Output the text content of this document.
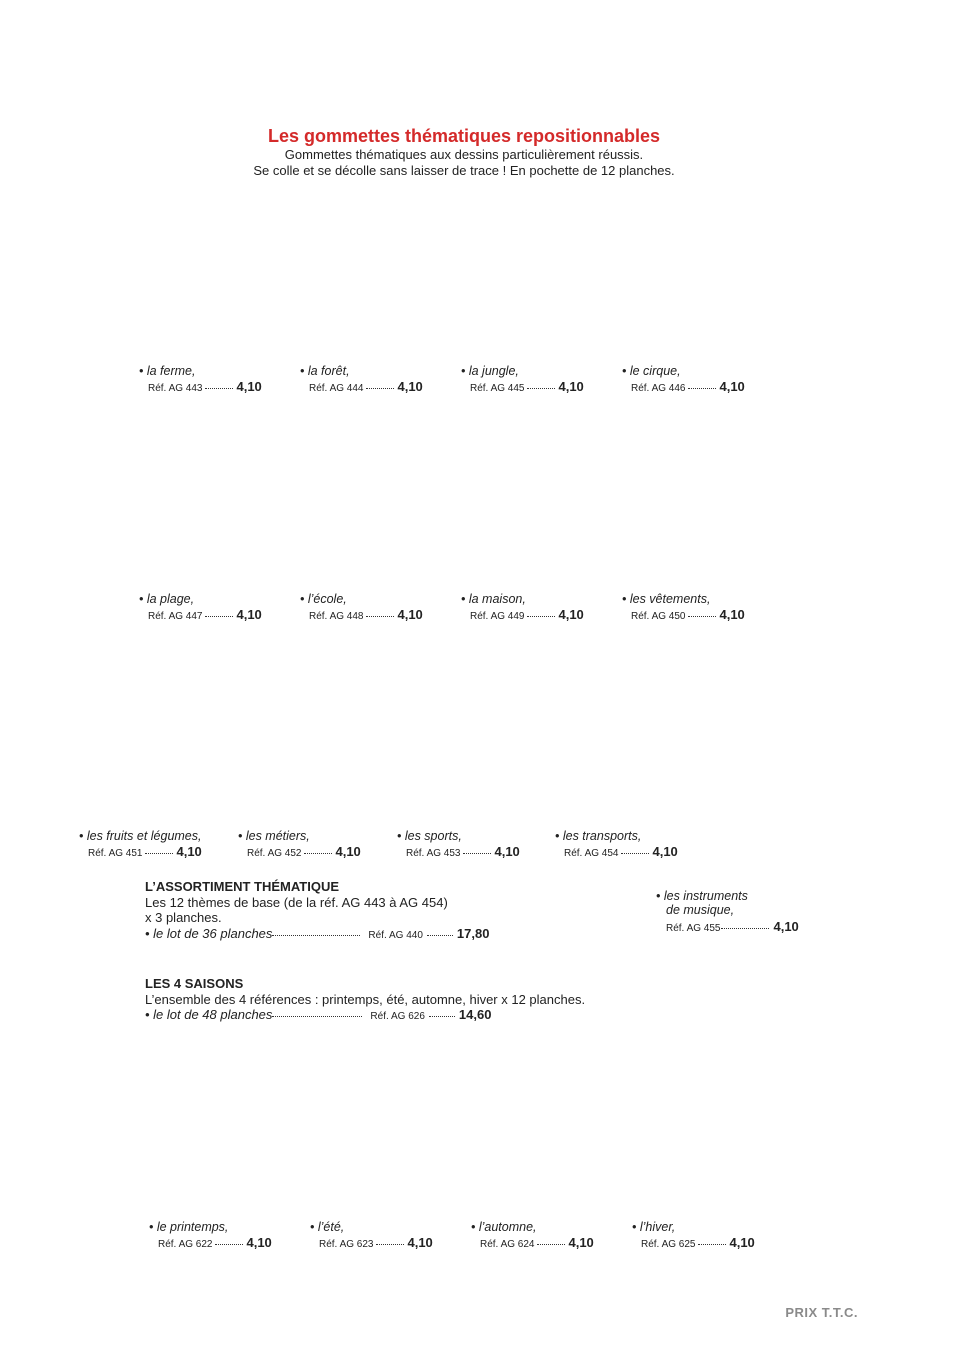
Les gommettes thématiques repositionnables
Gommettes thématiques aux dessins particulièrement réussis.
Se colle et se décolle sans laisser de trace ! En pochette de 12 planches.
• la ferme,
Réf. AG 443	4,10
• la forêt,
Réf. AG 444	4,10
• la jungle,
Réf. AG 445	4,10
• le cirque,
Réf. AG 446	4,10
• la plage,
Réf. AG 447	4,10
• l’école,
Réf. AG 448	4,10
• la maison,
Réf. AG 449	4,10
• les vêtements,
Réf. AG 450	4,10
• les fruits et légumes,
Réf. AG 451	4,10
• les métiers,
Réf. AG 452	4,10
• les sports,
Réf. AG 453	4,10
• les transports,
Réf. AG 454	4,10
L’ASSORTIMENT THÉMATIQUE
Les 12 thèmes de base (de la réf. AG 443 à AG 454)
x 3 planches.
• le lot de 36 planches	Réf. AG 440	17,80
• les instruments
de musique,
Réf. AG 455	4,10
LES 4 SAISONS
L’ensemble des 4 références : printemps, été, automne, hiver x 12 planches.
• le lot de 48 planches	Réf. AG 626	14,60
• le printemps,
Réf. AG 622	4,10
• l’été,
Réf. AG 623	4,10
• l’automne,
Réf. AG 624	4,10
• l’hiver,
Réf. AG 625	4,10
PRIX T.T.C.
